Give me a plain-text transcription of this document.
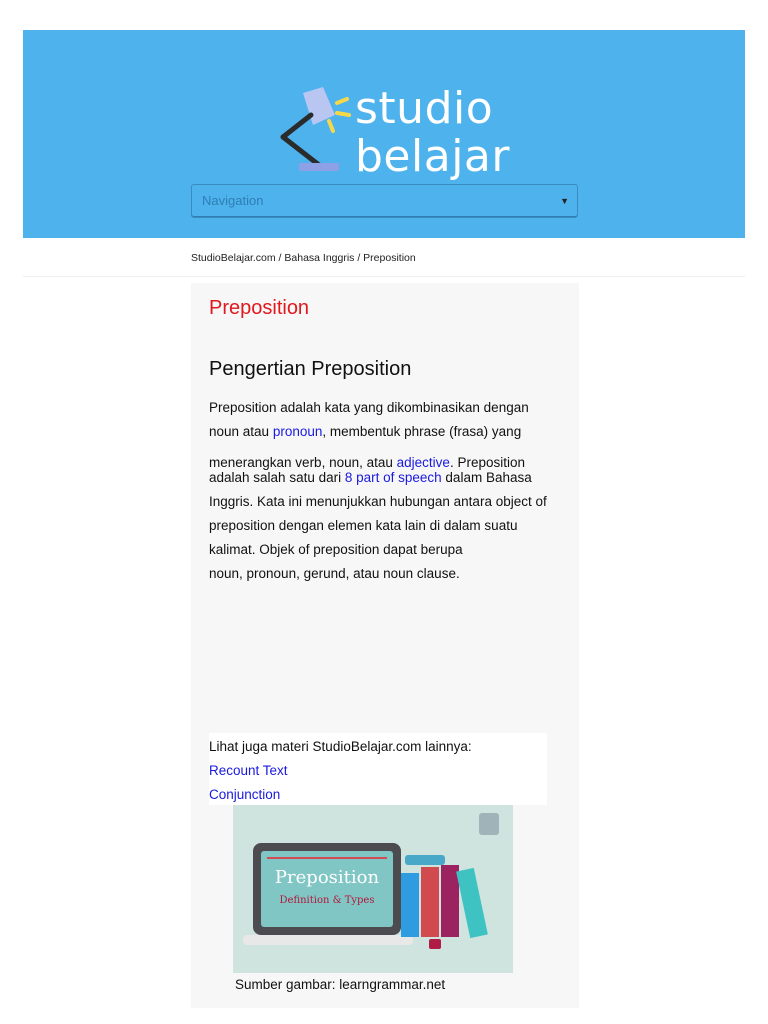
studio
belajar
Navigation	▼
StudioBelajar.com / Bahasa Inggris / Preposition
Preposition
Pengertian Preposition
Preposition adalah kata yang dikombinasikan dengan
noun atau pronoun, membentuk phrase (frasa) yang
menerangkan verb, noun, atau adjective. Preposition
adalah salah satu dari 8 part of speech dalam Bahasa
Inggris. Kata ini menunjukkan hubungan antara object of
preposition dengan elemen kata lain di dalam suatu
kalimat. Objek of preposition dapat berupa
noun, pronoun, gerund, atau noun clause.
Lihat juga materi StudioBelajar.com lainnya:
Recount Text
Conjunction
Preposition
Definition & Types
Sumber gambar: learngrammar.net
